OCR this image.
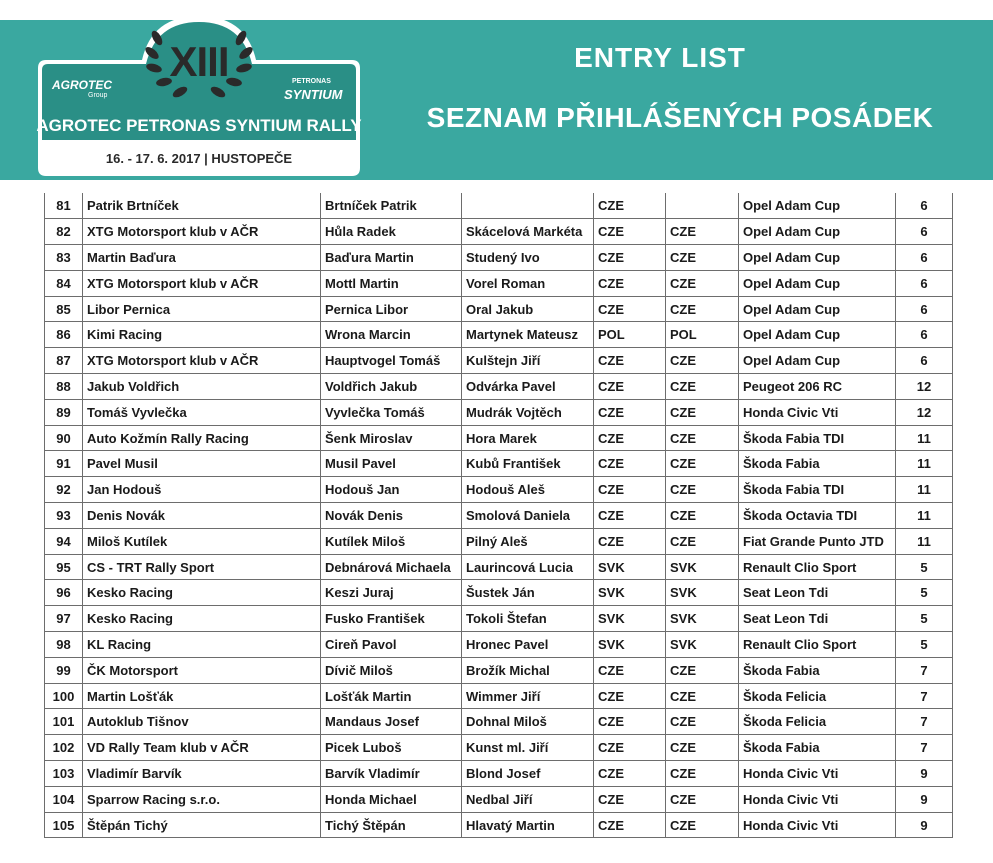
XIII
AGROTEC
Group
PETRONAS
SYNTIUM
AGROTEC PETRONAS SYNTIUM RALLY
16. - 17. 6. 2017 | HUSTOPEČE
ENTRY LIST
SEZNAM PŘIHLÁŠENÝCH POSÁDEK
81	Patrik Brtníček	Brtníček Patrik		CZE		Opel Adam Cup	6
82	XTG Motorsport klub v AČR	Hůla Radek	Skácelová Markéta	CZE	CZE	Opel Adam Cup	6
83	Martin Baďura	Baďura Martin	Studený Ivo	CZE	CZE	Opel Adam Cup	6
84	XTG Motorsport klub v AČR	Mottl Martin	Vorel Roman	CZE	CZE	Opel Adam Cup	6
85	Libor Pernica	Pernica Libor	Oral Jakub	CZE	CZE	Opel Adam Cup	6
86	Kimi Racing	Wrona Marcin	Martynek Mateusz	POL	POL	Opel Adam Cup	6
87	XTG Motorsport klub v AČR	Hauptvogel Tomáš	Kulštejn Jiří	CZE	CZE	Opel Adam Cup	6
88	Jakub Voldřich	Voldřich Jakub	Odvárka Pavel	CZE	CZE	Peugeot 206 RC	12
89	Tomáš Vyvlečka	Vyvlečka Tomáš	Mudrák Vojtěch	CZE	CZE	Honda Civic Vti	12
90	Auto Kožmín Rally Racing	Šenk Miroslav	Hora Marek	CZE	CZE	Škoda Fabia TDI	11
91	Pavel Musil	Musil Pavel	Kubů František	CZE	CZE	Škoda Fabia	11
92	Jan Hodouš	Hodouš Jan	Hodouš Aleš	CZE	CZE	Škoda Fabia TDI	11
93	Denis Novák	Novák Denis	Smolová Daniela	CZE	CZE	Škoda Octavia TDI	11
94	Miloš Kutílek	Kutílek Miloš	Pilný Aleš	CZE	CZE	Fiat Grande Punto JTD	11
95	CS - TRT Rally Sport	Debnárová Michaela	Laurincová Lucia	SVK	SVK	Renault Clio Sport	5
96	Kesko Racing	Keszi Juraj	Šustek Ján	SVK	SVK	Seat Leon Tdi	5
97	Kesko Racing	Fusko František	Tokoli Štefan	SVK	SVK	Seat Leon Tdi	5
98	KL Racing	Cireň Pavol	Hronec Pavel	SVK	SVK	Renault Clio Sport	5
99	ČK Motorsport	Dívič Miloš	Brožík Michal	CZE	CZE	Škoda Fabia	7
100	Martin Lošťák	Lošťák Martin	Wimmer Jiří	CZE	CZE	Škoda Felicia	7
101	Autoklub Tišnov	Mandaus Josef	Dohnal Miloš	CZE	CZE	Škoda Felicia	7
102	VD Rally Team klub v AČR	Picek Luboš	Kunst ml. Jiří	CZE	CZE	Škoda Fabia	7
103	Vladimír Barvík	Barvík Vladimír	Blond Josef	CZE	CZE	Honda Civic Vti	9
104	Sparrow Racing s.r.o.	Honda Michael	Nedbal Jiří	CZE	CZE	Honda Civic Vti	9
105	Štěpán Tichý	Tichý Štěpán	Hlavatý Martin	CZE	CZE	Honda Civic Vti	9
